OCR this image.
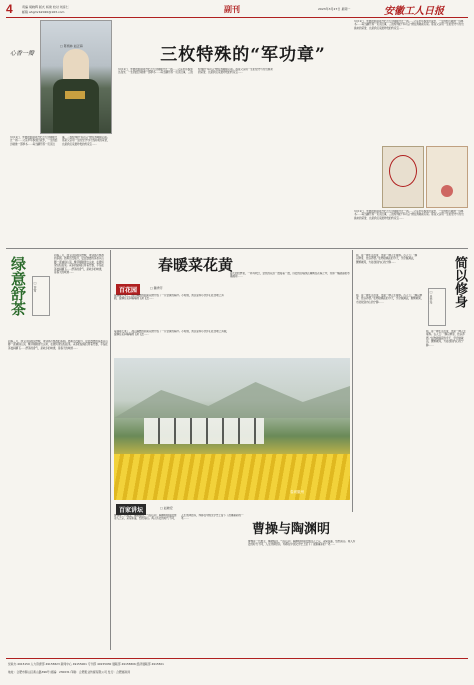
4	责编 胡晓辉 版式 杨建 校对 刘彦仁
邮箱 ahgmrb2020@163.com	副刊	2023年3月27日 星期一	安徽工人日报
心香一瓣
□ 陈炳林 赵正海	三枚特殊的“军功章”
3月12日，外婆的雷锋同志纪念大会刚刚开过一周……父亲早年参加过战争，一生的经历就像一部厚书……每当翻开那一页页往事，三枚特殊的“军功章”便在我眼前闪亮。那是父亲用一生的坚守与付出换来的荣誉，也是我们家最珍贵的传家宝……
3月12日，外婆的雷锋同志纪念大会刚刚开过一周……父亲早年参加过战争，一生的经历就像一部厚书……每当翻开那一页页往事，三枚特殊的“军功章”便在我眼前闪亮。那是父亲用一生的坚守与付出换来的荣誉，也是我们家最珍贵的传家宝……
3月12日，外婆的雷锋同志纪念大会刚刚开过一周……父亲早年参加过战争，一生的经历就像一部厚书……每当翻开那一页页往事，三枚特殊的“军功章”便在我眼前闪亮。那是父亲用一生的坚守与付出换来的荣誉，也是我们家最珍贵的传家宝……
3月12日，外婆的雷锋同志纪念大会刚刚开过一周……父亲早年参加过战争，一生的经历就像一部厚书……每当翻开那一页页往事，三枚特殊的“军功章”便在我眼前闪亮。那是父亲用一生的坚守与付出换来的荣誉，也是我们家最珍贵的传家宝……
绿意舒茶	□ 许雪
初春三月，我又回到故乡舒城，来到那片熟悉的茶园。晨雾还没散尽，层层叠叠的茶垄从山脚一直铺到山顶，嫩芽刚刚冒出尖来，在微风里轻轻摇曳。采茶的姑娘们背着竹篓，手指在茶枝间翻飞……舒茶的香气，是故乡的味道，是春天的味道……
初春三月，我又回到故乡舒城，来到那片熟悉的茶园。晨雾还没散尽，层层叠叠的茶垄从山脚一直铺到山顶，嫩芽刚刚冒出尖来，在微风里轻轻摇曳。采茶的姑娘们背着竹篓，手指在茶枝间翻飞……舒茶的香气，是故乡的味道，是春天的味道……
春暖菜花黄
百花园	□ 魏秀芳
每逢春天来了，漫山遍野的油菜花便开成了一片金黄的海洋。小时候，我总爱和小伙伴们在田埂上奔跑，蜜蜂在花间嗡嗡地飞来飞去……
春天的田野里，一阵风吹过，金色的花浪一波接着一波，远处的白墙黛瓦掩映在花海之中，宛如一幅美丽的水墨画卷……
每逢春天来了，漫山遍野的油菜花便开成了一片金黄的海洋。小时候，我总爱和小伙伴们在田埂上奔跑，蜜蜂在花间嗡嗡地飞来飞去……
春到徽州
曹操与陶渊明
百家讲坛	□ 赵晓宏
曹操是一代雄主，横槊赋诗，气吞山河；陶渊明则是隐逸诗人之宗，采菊东篱，悠然南山。两人所处的时代不同，人生选择迥异，却都在中国文学史上留下了浓墨重彩的一笔……
曹操是一代雄主，横槊赋诗，气吞山河；陶渊明则是隐逸诗人之宗，采菊东篱，悠然南山。两人所处的时代不同，人生选择迥异，却都在中国文学史上留下了浓墨重彩的一笔……
简，是一种生活态度，更是一种人生境界。古人云：“静以修身，俭以养德。”在物欲横流的今天，学会做减法，删繁就简，方能找到内心的宁静……	简以修身
□ 吕乔年
简，是一种生活态度，更是一种人生境界。古人云：“静以修身，俭以养德。”在物欲横流的今天，学会做减法，删繁就简，方能找到内心的宁静……
简，是一种生活态度，更是一种人生境界。古人云：“静以修身，俭以养德。”在物欲横流的今天，学会做减法，删繁就简，方能找到内心的宁静……
党政办 4915150 人力资源部 49155823 新闻中心 49155001 专刊部 49155930 通联部 49155806 经济通联部 4915501
地址：合肥市蜀山区黄山路396号 邮编：230031 印刷：合肥报业传媒有限公司 发行：合肥邮政局
